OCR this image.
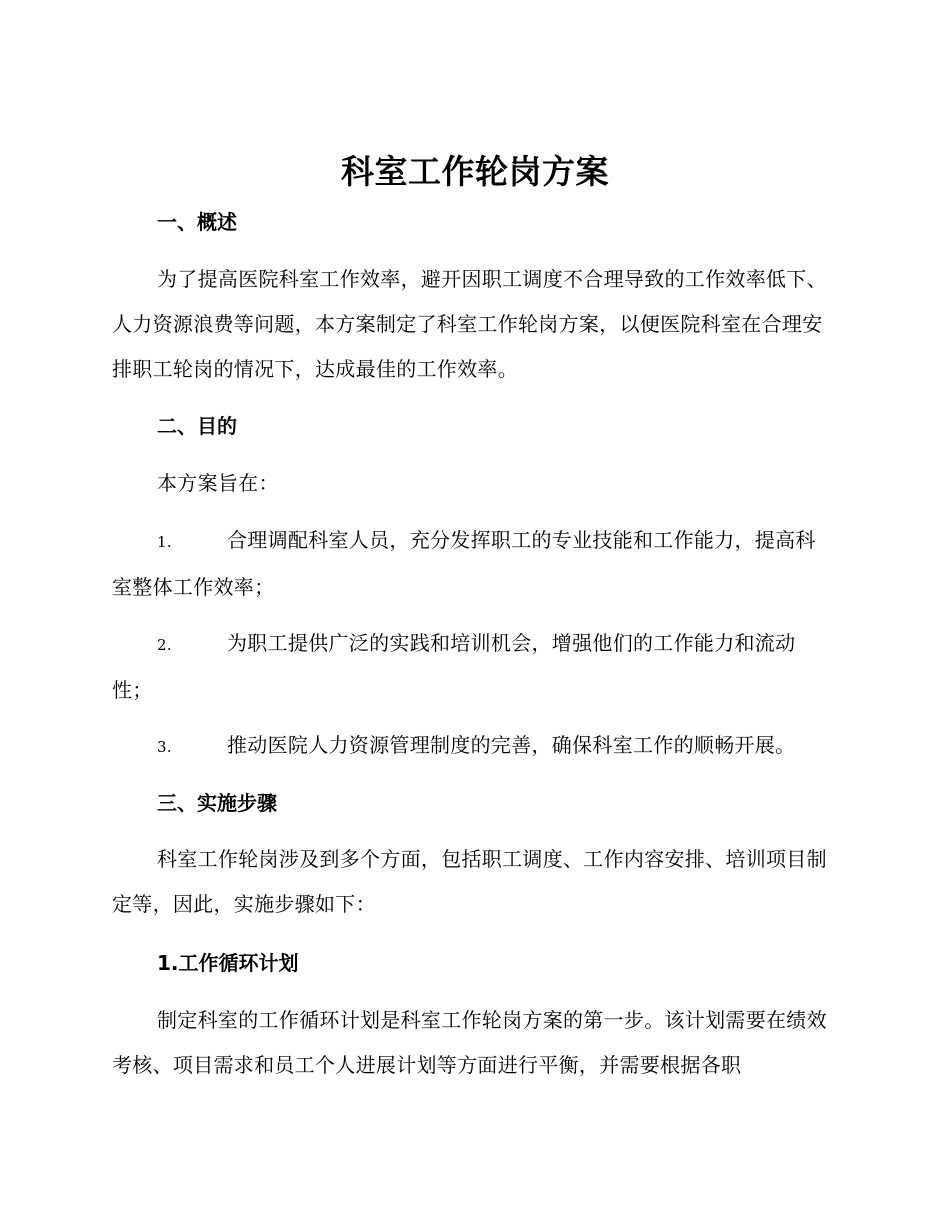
科室工作轮岗方案
一、概述

为了提高医院科室工作效率，避开因职工调度不合理导致的工作效率低下、人力资源浪费等问题，本方案制定了科室工作轮岗方案，以便医院科室在合理安排职工轮岗的情况下，达成最佳的工作效率。

二、目的

本方案旨在：

1.	合理调配科室人员，充分发挥职工的专业技能和工作能力，提高科室整体工作效率；

2.	为职工提供广泛的实践和培训机会，增强他们的工作能力和流动性；

3.	推动医院人力资源管理制度的完善，确保科室工作的顺畅开展。

三、实施步骤

科室工作轮岗涉及到多个方面，包括职工调度、工作内容安排、培训项目制定等，因此，实施步骤如下：

1.工作循环计划

制定科室的工作循环计划是科室工作轮岗方案的第一步。该计划需要在绩效考核、项目需求和员工个人进展计划等方面进行平衡，并需要根据各职
